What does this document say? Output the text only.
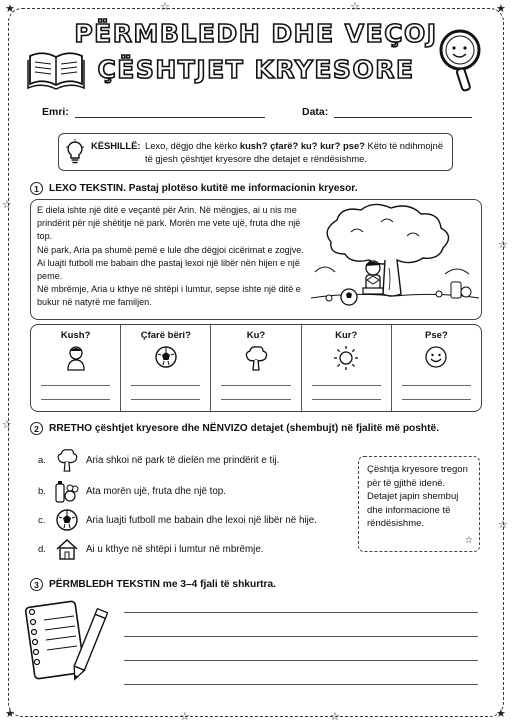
★	★
★	★
☆	☆
☆
☆
☆
☆
☆	☆
PËRMBLEDH DHE VEÇOJ
ÇËSHTJET KRYESORE
Emri:	Data:
KËSHILLË: Lexo, dëgjo dhe kërko kush? çfarë? ku? kur? pse? Këto të ndihmojnë të gjesh çështjet kryesore dhe detajet e rëndësishme.
1 LEXO TEKSTIN. Pastaj plotëso kutitë me informacionin kryesor.

E diela ishte një ditë e veçantë për Arin. Në mëngjes, ai u nis me prindërit për një shëtitje në park. Morën me vete ujë, fruta dhe një top.

Në park, Aria pa shumë pemë e lule dhe dëgjoi cicërimat e zogjve. Ai luajti futboll me babain dhe pastaj lexoi një libër nën hijen e një peme.

Në mbrëmje, Aria u kthye në shtëpi i lumtur, sepse ishte një ditë e bukur në natyrë me familjen.

Kush?	Çfarë bëri?	Ku?	Kur?	Pse?
2 RRETHO çështjet kryesore dhe NËNVIZO detajet (shembujt) në fjalitë më poshtë.
a.	Aria shkoi në park të dielën me prindërit e tij.
b.	Ata morën ujë, fruta dhe një top.
c.	Aria luajti futboll me babain dhe lexoi një libër në hije.
d.	Ai u kthye në shtëpi i lumtur në mbrëmje.
Çështja kryesore tregon për të gjithë idenë. Detajet japin shembuj dhe informacione të rëndësishme.
☆
3 PËRMBLEDH TEKSTIN me 3–4 fjali të shkurtra.
